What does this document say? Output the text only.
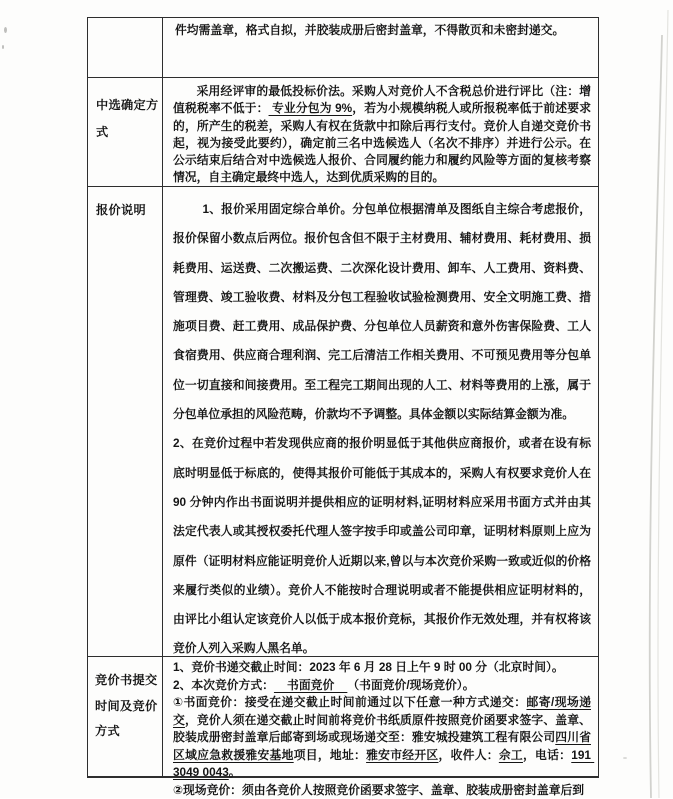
件均需盖章，格式自拟，并胶装成册后密封盖章，不得散页和未密封递交。

中选确定方
式

采用经评审的最低投标价法。采购人对竞价人不含税总价进行评比（注：增值税税率不低于： 专业分包为 9%，若为小规模纳税人或所报税率低于前述要求的，所产生的税差，采购人有权在货款中扣除后再行支付。竞价人自递交竞价书起，视为接受此要约），确定前三名中选候选人（名次不排序）并进行公示。在公示结束后结合对中选候选人报价、合同履约能力和履约风险等方面的复核考察情况，自主确定最终中选人，达到优质采购的目的。

报价说明	1、报价采用固定综合单价。分包单位根据清单及图纸自主综合考虑报价，报价保留小数点后两位。报价包含但不限于主材费用、辅材费用、耗材费用、损耗费用、运送费、二次搬运费、二次深化设计费用、卸车、人工费用、资料费、管理费、竣工验收费、材料及分包工程验收试验检测费用、安全文明施工费、措施项目费、赶工费用、成品保护费、分包单位人员薪资和意外伤害保险费、工人食宿费用、供应商合理利润、完工后清洁工作相关费用、不可预见费用等分包单位一切直接和间接费用。至工程完工期间出现的人工、材料等费用的上涨，属于分包单位承担的风险范畴，价款均不予调整。具体金额以实际结算金额为准。

2、在竞价过程中若发现供应商的报价明显低于其他供应商报价，或者在设有标底时明显低于标底的，使得其报价可能低于其成本的，采购人有权要求竞价人在 90 分钟内作出书面说明并提供相应的证明材料,证明材料应采用书面方式并由其法定代表人或其授权委托代理人签字按手印或盖公司印章，证明材料原则上应为原件（证明材料应能证明竞价人近期以来,曾以与本次竞价采购一致或近似的价格来履行类似的业绩）。竞价人不能按时合理说明或者不能提供相应证明材料的，由评比小组认定该竞价人以低于成本报价竞标，其报价作无效处理，并有权将该竞价人列入采购人黑名单。

竞价书提交
时间及竞价
方式

1、竞价书递交截止时间：2023 年 6 月 28 日上午 9 时 00 分（北京时间）。

2、本次竞价方式：    书面竞价    （书面竞价/现场竞价）。

①书面竞价：接受在递交截止时间前通过以下任意一种方式递交：邮寄/现场递交，竞价人须在递交截止时间前将竞价书纸质原件按照竞价函要求签字、盖章、胶装成册密封盖章后邮寄到场或现场递交至：雅安城投建筑工程有限公司四川省区域应急救援雅安基地项目，地址：雅安市经开区，收件人：佘工，电话：191 3049 0043。

②现场竞价：须由各竞价人按照竞价函要求签字、盖章、胶装成册密封盖章后到
